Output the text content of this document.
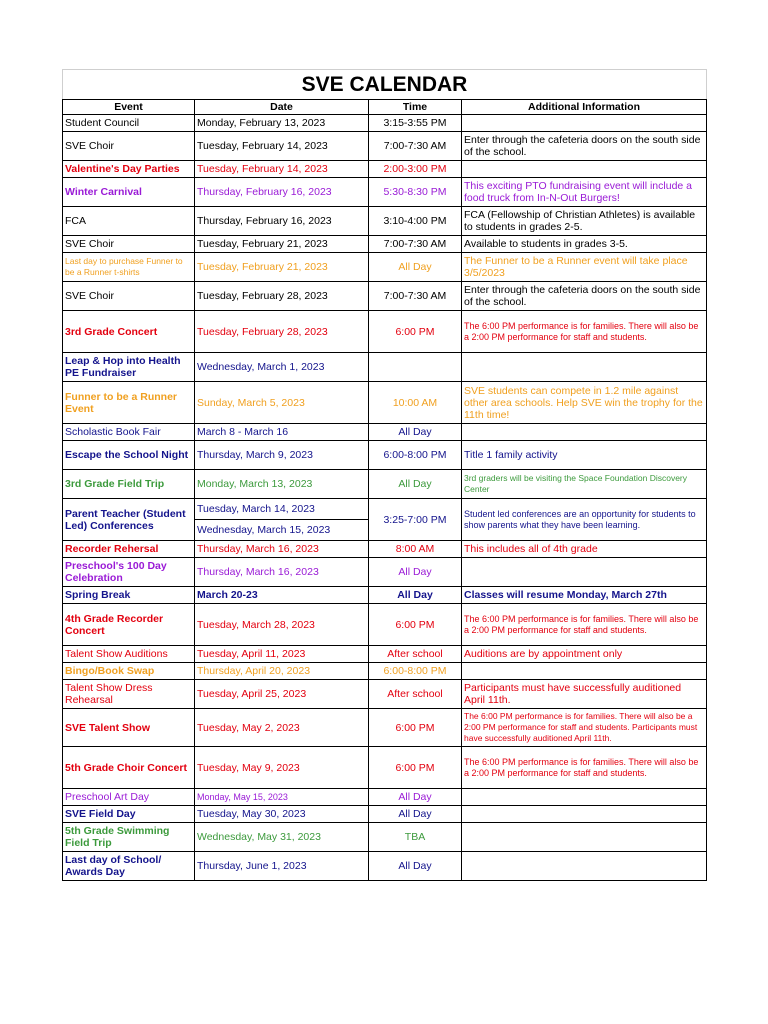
SVE CALENDAR			
Event	Date	Time	Additional Information
Student Council	Monday, February 13, 2023	3:15-3:55 PM	
SVE Choir	Tuesday, February 14, 2023	7:00-7:30 AM	Enter through the cafeteria doors on the south side of the school.
Valentine's Day Parties	Tuesday, February 14, 2023	2:00-3:00 PM	
Winter Carnival	Thursday, February 16, 2023	5:30-8:30 PM	This exciting PTO fundraising event will include a food truck from In-N-Out Burgers!
FCA	Thursday, February 16, 2023	3:10-4:00 PM	FCA (Fellowship of Christian Athletes) is available to students in grades 2-5.
SVE Choir	Tuesday, February 21, 2023	7:00-7:30 AM	Available to students in grades 3-5.
Last day to purchase Funner to be a Runner t-shirts	Tuesday, February 21, 2023	All Day	The Funner to be a Runner event will take place 3/5/2023
SVE Choir	Tuesday, February 28, 2023	7:00-7:30 AM	Enter through the cafeteria doors on the south side of the school.
3rd Grade Concert	Tuesday, February 28, 2023	6:00 PM	The 6:00 PM performance is for families. There will also be a 2:00 PM performance for staff and students.
Leap & Hop into Health PE Fundraiser	Wednesday, March 1, 2023		
Funner to be a Runner Event	Sunday, March 5, 2023	10:00 AM	SVE students can compete in 1.2 mile against other area schools. Help SVE win the trophy for the 11th time!
Scholastic Book Fair	March 8 - March 16	All Day	
Escape the School Night	Thursday, March 9, 2023	6:00-8:00 PM	Title 1 family activity
3rd Grade Field Trip	Monday, March 13, 2023	All Day	3rd graders will be visiting the Space Foundation Discovery Center
Parent Teacher (Student Led) Conferences	Tuesday, March 14, 2023	3:25-7:00 PM	Student led conferences are an opportunity for students to show parents what they have been learning.
	Wednesday, March 15, 2023		
Recorder Rehersal	Thursday, March 16, 2023	8:00 AM	This includes all of 4th grade
Preschool's 100 Day Celebration	Thursday, March 16, 2023	All Day	
Spring Break	March 20-23	All Day	Classes will resume Monday, March 27th
4th Grade Recorder Concert	Tuesday, March 28, 2023	6:00 PM	The 6:00 PM performance is for families. There will also be a 2:00 PM performance for staff and students.
Talent Show Auditions	Tuesday, April 11, 2023	After school	Auditions are by appointment only
Bingo/Book Swap	Thursday, April 20, 2023	6:00-8:00 PM	
Talent Show Dress Rehearsal	Tuesday, April 25, 2023	After school	Participants must have successfully auditioned April 11th.
SVE Talent Show	Tuesday, May 2, 2023	6:00 PM	The 6:00 PM performance is for families. There will also be a 2:00 PM performance for staff and students. Participants must have successfully auditioned April 11th.
5th Grade Choir Concert	Tuesday, May 9, 2023	6:00 PM	The 6:00 PM performance is for families. There will also be a 2:00 PM performance for staff and students.
Preschool Art Day	Monday, May 15, 2023	All Day	
SVE Field Day	Tuesday, May 30, 2023	All Day	
5th Grade Swimming Field Trip	Wednesday, May 31, 2023	TBA	
Last day of School/ Awards Day	Thursday, June 1, 2023	All Day	
